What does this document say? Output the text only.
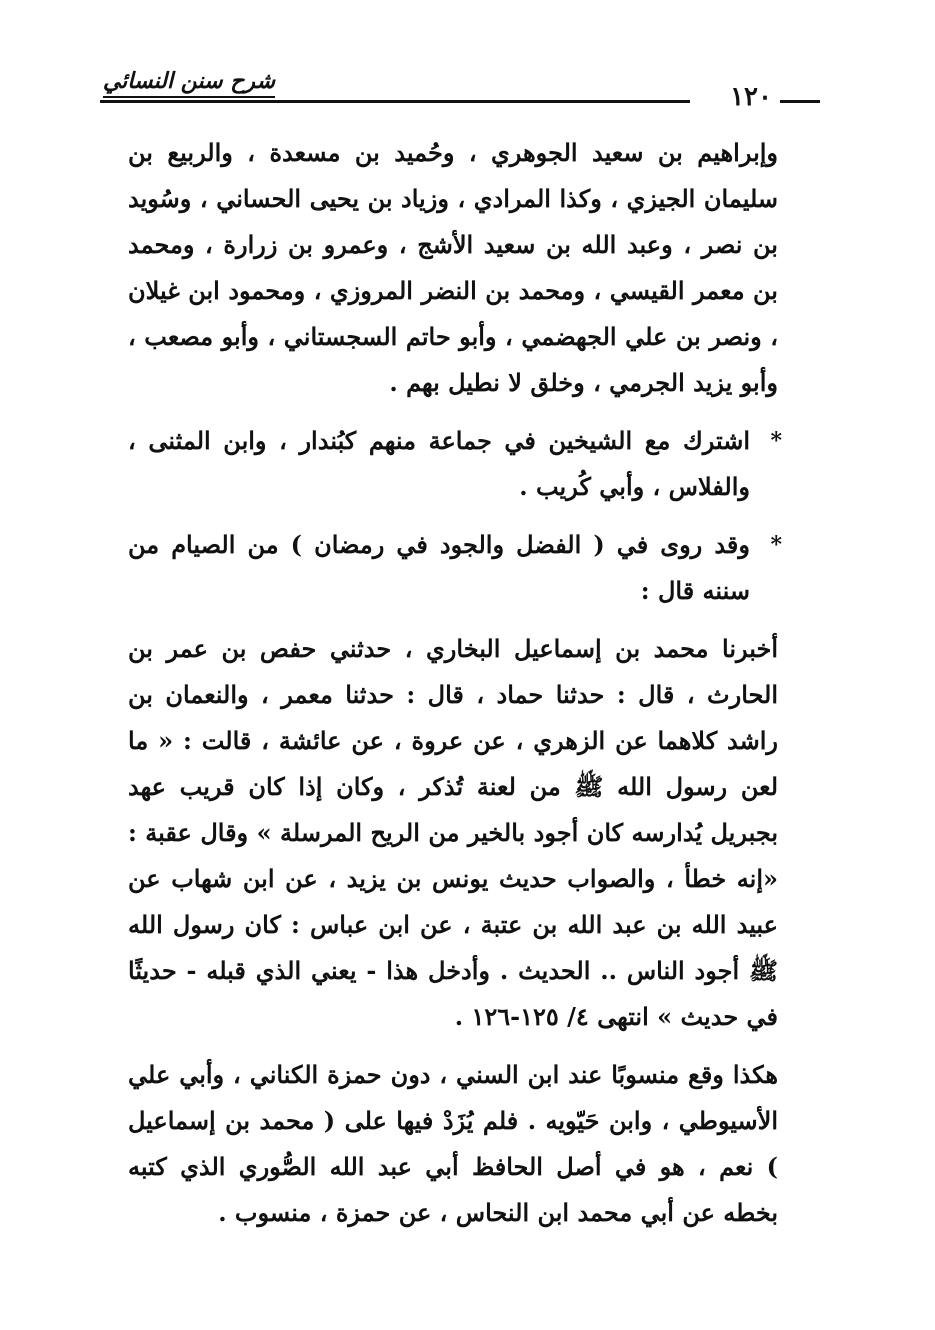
شرح سنن النسائي
١٢٠

وإبراهيم بن سعيد الجوهري ، وحُميد بن مسعدة ، والربيع بن سليمان الجيزي ، وكذا المرادي ، وزياد بن يحيى الحساني ، وسُويد بن نصر ، وعبد الله بن سعيد الأشج ، وعمرو بن زرارة ، ومحمد بن معمر القيسي ، ومحمد بن النضر المروزي ، ومحمود ابن غيلان ، ونصر بن علي الجهضمي ، وأبو حاتم السجستاني ، وأبو مصعب ، وأبو يزيد الجرمي ، وخلق لا نطيل بهم .

*
اشترك مع الشيخين في جماعة منهم كبُندار ، وابن المثنى ، والفلاس ، وأبي كُريب .

*
وقد روى في ( الفضل والجود في رمضان ) من الصيام من سننه قال :

أخبرنا محمد بن إسماعيل البخاري ، حدثني حفص بن عمر بن الحارث ، قال : حدثنا حماد ، قال : حدثنا معمر ، والنعمان بن راشد كلاهما عن الزهري ، عن عروة ، عن عائشة ، قالت : « ما لعن رسول الله ﷺ من لعنة تُذكر ، وكان إذا كان قريب عهد بجبريل يُدارسه كان أجود بالخير من الريح المرسلة » وقال عقبة : «إنه خطأ ، والصواب حديث يونس بن يزيد ، عن ابن شهاب عن عبيد الله بن عبد الله بن عتبة ، عن ابن عباس : كان رسول الله ﷺ أجود الناس .. الحديث . وأدخل هذا - يعني الذي قبله - حديثًا في حديث » انتهى ٤/ ١٢٥-١٢٦ .

هكذا وقع منسوبًا عند ابن السني ، دون حمزة الكناني ، وأبي علي الأسيوطي ، وابن حَيّويه . فلم يُزَدْ فيها على ( محمد بن إسماعيل ) نعم ، هو في أصل الحافظ أبي عبد الله الصُّوري الذي كتبه بخطه عن أبي محمد ابن النحاس ، عن حمزة ، منسوب .
